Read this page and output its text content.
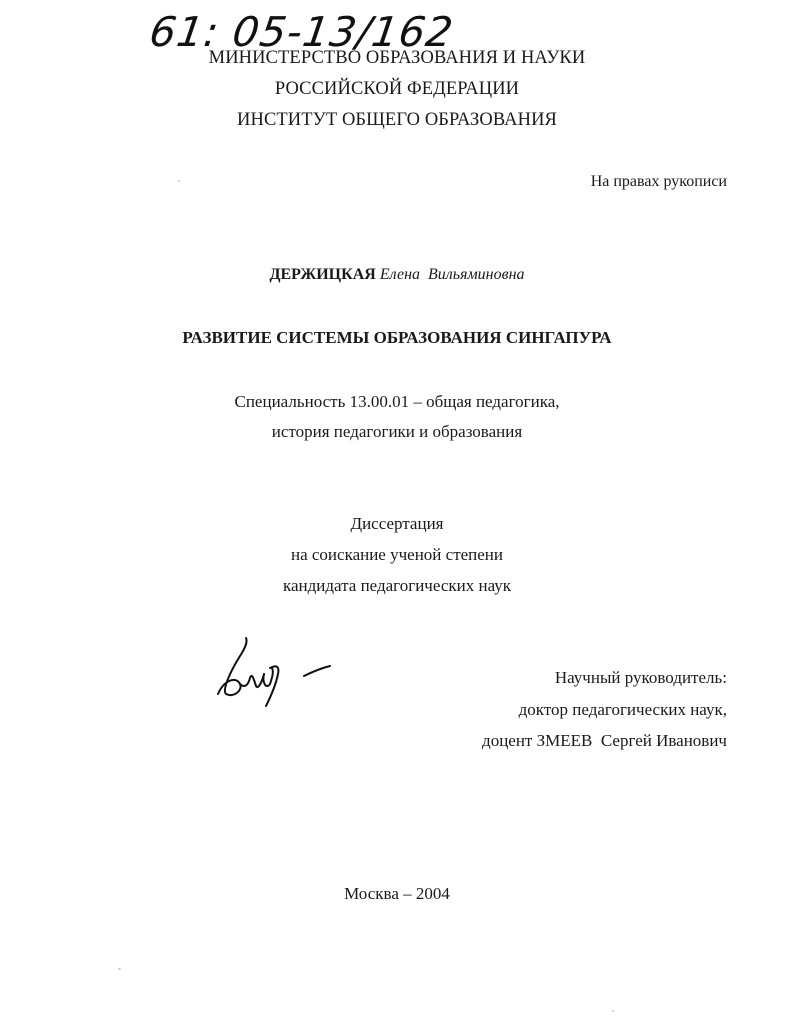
61: 05-13/162
МИНИСТЕРСТВО ОБРАЗОВАНИЯ И НАУКИ
РОССИЙСКОЙ ФЕДЕРАЦИИ
ИНСТИТУТ ОБЩЕГО ОБРАЗОВАНИЯ
На правах рукописи
ДЕРЖИЦКАЯ Елена  Вильяминовна
РАЗВИТИЕ СИСТЕМЫ ОБРАЗОВАНИЯ СИНГАПУРА
Специальность 13.00.01 – общая педагогика,
история педагогики и образования
Диссертация
на соискание ученой степени
кандидата педагогических наук
Научный руководитель:
доктор педагогических наук,
доцент ЗМЕЕВ  Сергей Иванович
Москва – 2004
